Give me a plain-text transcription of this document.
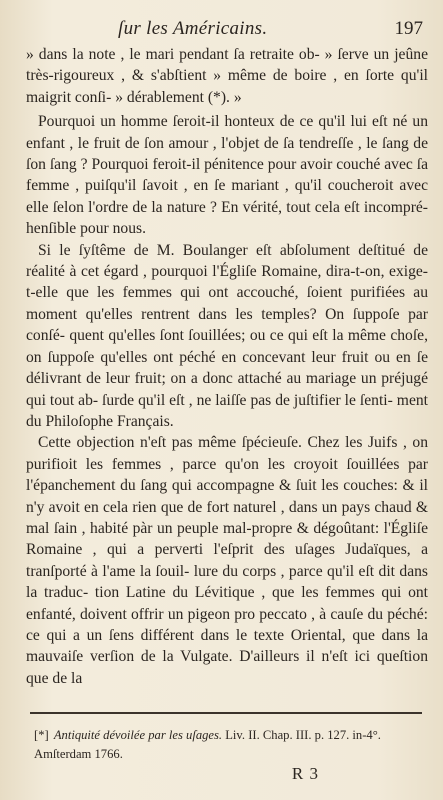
ſur les Américains.	197

» dans la note , le mari pendant ſa retraite ob- » ſerve un jeûne très-rigoureux , & s'abſtient » même de boire , en ſorte qu'il maigrit conſi- » dérablement (*). »

Pourquoi un homme ſeroit-il honteux de ce qu'il lui eſt né un enfant , le fruit de ſon amour , l'objet de ſa tendreſſe , le ſang de ſon ſang ? Pourquoi feroit-il pénitence pour avoir couché avec ſa femme , puiſqu'il ſavoit , en ſe mariant , qu'il coucheroit avec elle ſelon l'ordre de la nature ? En vérité, tout cela eſt incompré- henſible pour nous.

Si le ſyſtême de M. Boulanger eſt abſolument deſtitué de réalité à cet égard , pourquoi l'Égliſe Romaine, dira-t-on, exige-t-elle que les femmes qui ont accouché, ſoient purifiées au moment qu'elles rentrent dans les temples? On ſuppoſe par conſé- quent qu'elles ſont ſouillées; ou ce qui eſt la même choſe, on ſuppoſe qu'elles ont péché en concevant leur fruit ou en ſe délivrant de leur fruit; on a donc attaché au mariage un préjugé qui tout ab- ſurde qu'il eſt , ne laiſſe pas de juſtifier le ſenti- ment du Philoſophe Français.

Cette objection n'eſt pas même ſpécieuſe. Chez les Juifs , on purifioit les femmes , parce qu'on les croyoit ſouillées par l'épanchement du ſang qui accompagne & ſuit les couches: & il n'y avoit en cela rien que de fort naturel , dans un pays chaud & mal ſain , habité pàr un peuple mal-propre & dégoûtant: l'Égliſe Romaine , qui a perverti l'eſprit des uſages Judaïques, a tranſporté à l'ame la ſouil- lure du corps , parce qu'il eſt dit dans la traduc- tion Latine du Lévitique , que les femmes qui ont enfanté, doivent offrir un pigeon pro peccato , à cauſe du péché: ce qui a un ſens différent dans le texte Oriental, que dans la mauvaiſe verſion de la Vulgate. D'ailleurs il n'eſt ici queſtion que de la

[*] Antiquité dévoilée par les uſages. Liv. II. Chap. III. p. 127. in-4°. Amſterdam 1766.
R 3
